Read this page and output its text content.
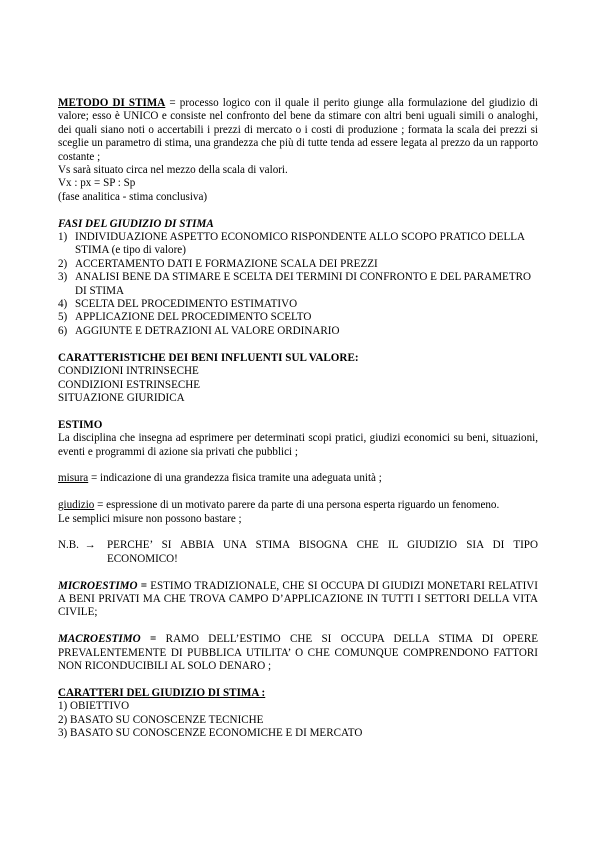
METODO DI STIMA = processo logico con il quale il perito giunge alla formulazione del giudizio di valore; esso è UNICO e consiste nel confronto del bene da stimare con altri beni uguali simili o analoghi, dei quali siano noti o accertabili i prezzi di mercato o i costi di produzione ; formata la scala dei prezzi si sceglie un parametro di stima, una grandezza che più di tutte tenda ad essere legata al prezzo da un rapporto costante ;

Vs sarà situato circa nel mezzo della scala di valori.

Vx : px = SP : Sp

(fase analitica - stima conclusiva)

FASI DEL GIUDIZIO DI STIMA

1) INDIVIDUAZIONE ASPETTO ECONOMICO RISPONDENTE ALLO SCOPO PRATICO DELLA STIMA (e tipo di valore)
2) ACCERTAMENTO DATI E FORMAZIONE SCALA DEI PREZZI
3) ANALISI BENE DA STIMARE E SCELTA DEI TERMINI DI CONFRONTO E DEL PARAMETRO DI STIMA
4) SCELTA DEL PROCEDIMENTO ESTIMATIVO
5) APPLICAZIONE DEL PROCEDIMENTO SCELTO
6) AGGIUNTE E DETRAZIONI AL VALORE ORDINARIO

CARATTERISTICHE DEI BENI INFLUENTI SUL VALORE:

CONDIZIONI INTRINSECHE

CONDIZIONI ESTRINSECHE

SITUAZIONE GIURIDICA

ESTIMO

La disciplina che insegna ad esprimere per determinati scopi pratici, giudizi economici su beni, situazioni, eventi e programmi di azione sia privati che pubblici ;

misura = indicazione di una grandezza fisica tramite una adeguata unità ;

giudizio = espressione di un motivato parere da parte di una persona esperta riguardo un fenomeno.

Le semplici misure non possono bastare ;

N.B. → PERCHE’ SI ABBIA UNA STIMA BISOGNA CHE IL GIUDIZIO SIA DI TIPO ECONOMICO!

MICROESTIMO = ESTIMO TRADIZIONALE, CHE SI OCCUPA DI GIUDIZI MONETARI RELATIVI A BENI PRIVATI MA CHE TROVA CAMPO D’APPLICAZIONE IN TUTTI I SETTORI DELLA VITA CIVILE;

MACROESTIMO = RAMO DELL’ESTIMO CHE SI OCCUPA DELLA STIMA DI OPERE PREVALENTEMENTE DI PUBBLICA UTILITA’ O CHE COMUNQUE COMPRENDONO FATTORI NON RICONDUCIBILI AL SOLO DENARO ;

CARATTERI DEL GIUDIZIO DI STIMA :

1) OBIETTIVO

2) BASATO SU CONOSCENZE TECNICHE

3) BASATO SU CONOSCENZE ECONOMICHE E DI MERCATO
